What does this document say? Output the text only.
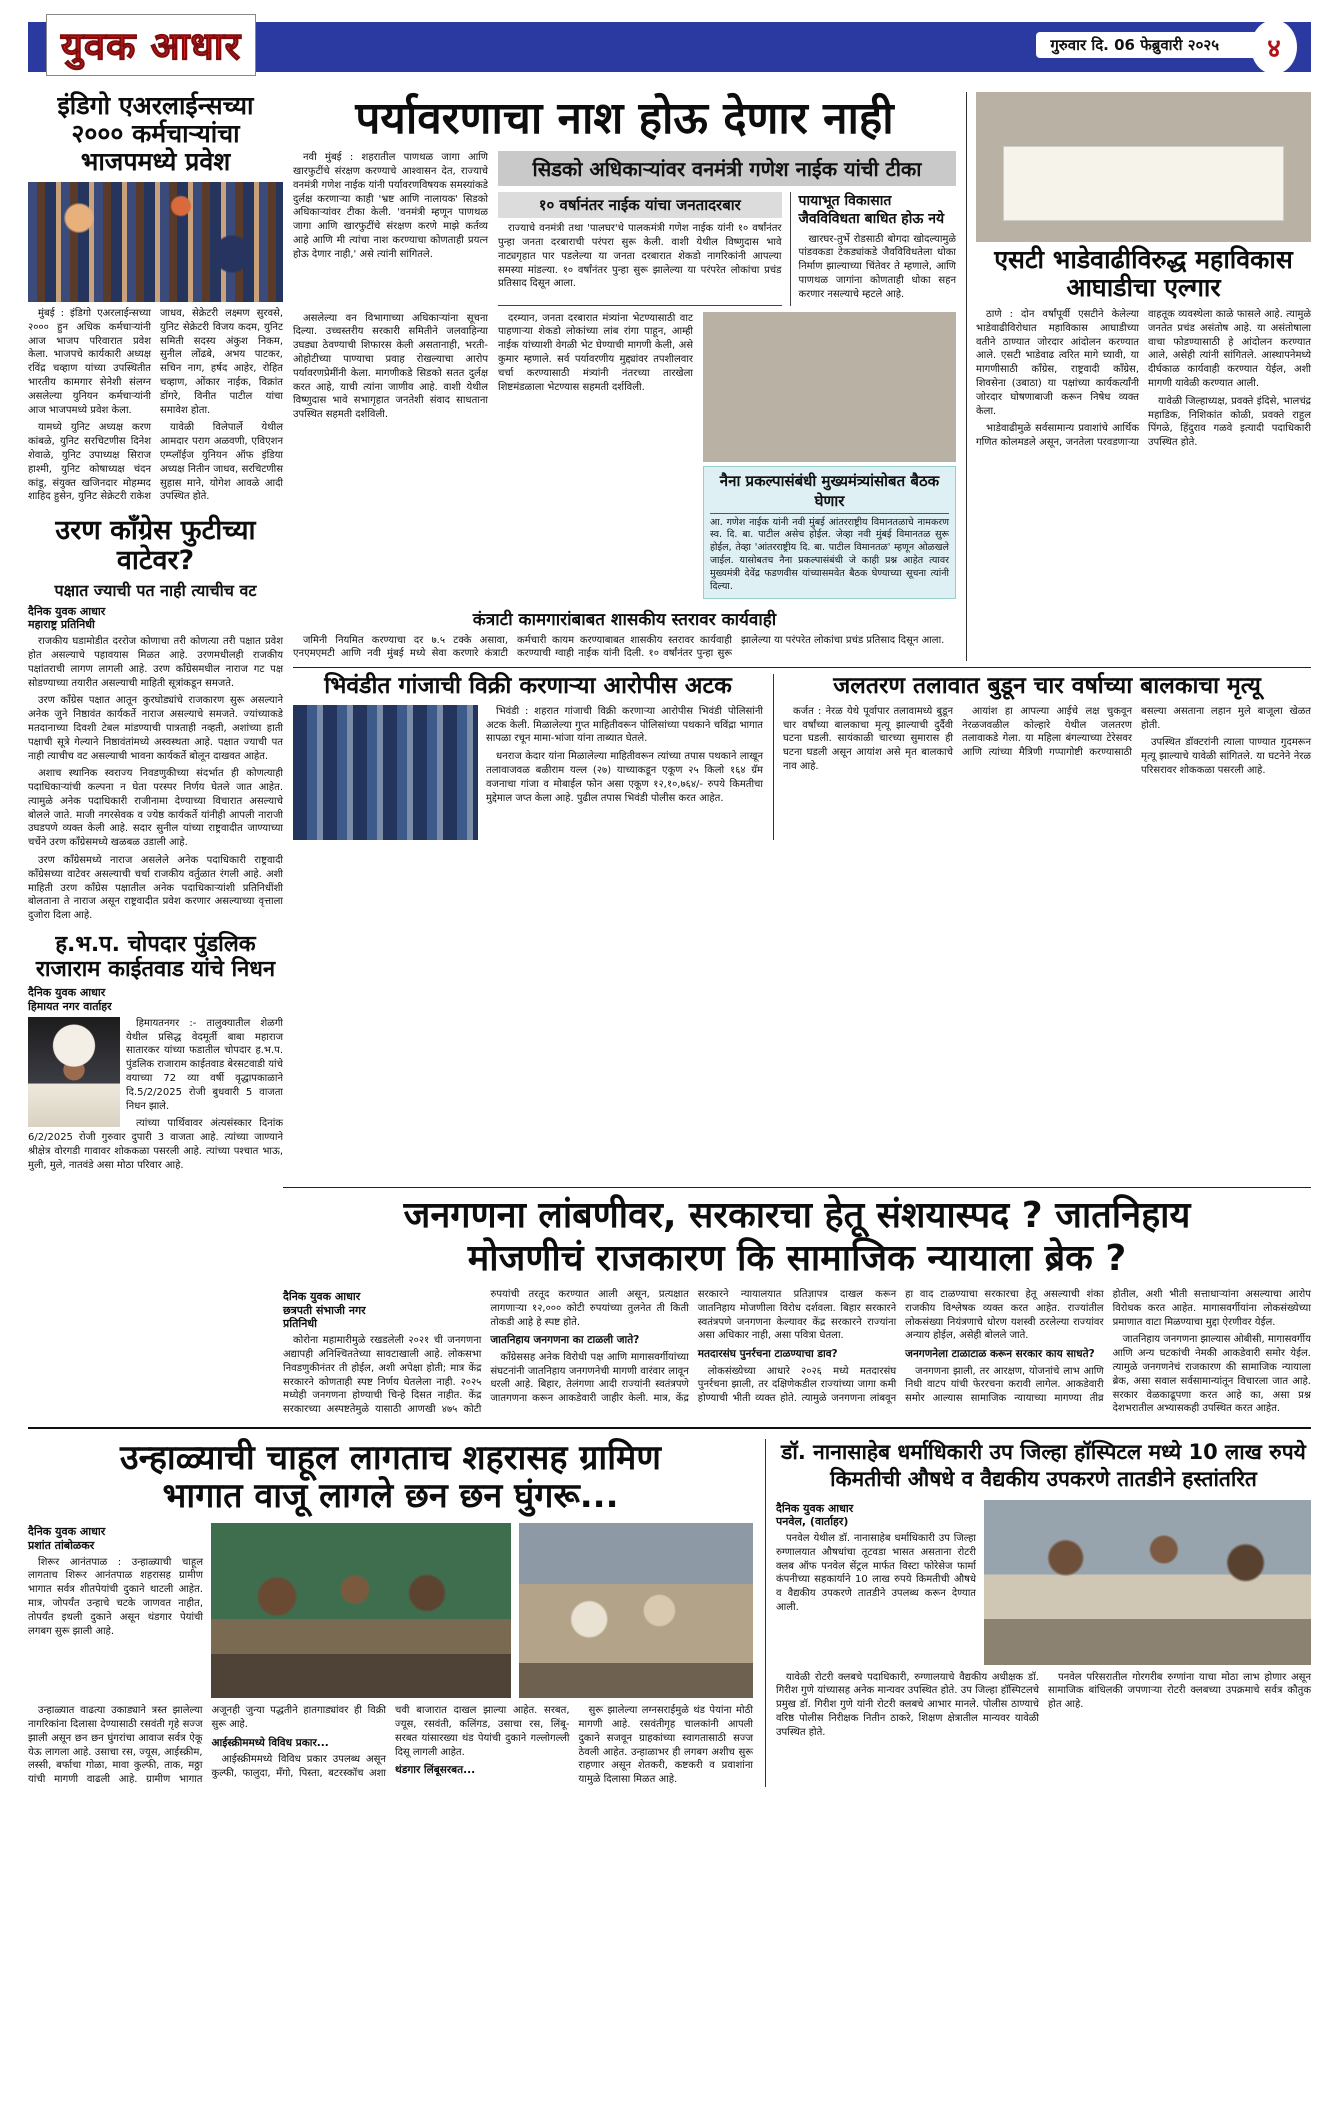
युवक आधार	गुरुवार दि. 06 फेब्रुवारी २०२५	४
इंडिगो एअरलाईन्सच्या २००० कर्मचाऱ्यांचा भाजपमध्ये प्रवेश

मुंबई : इंडिगो एअरलाईन्सच्या २००० हुन अधिक कर्मचाऱ्यांनी आज भाजप परिवारात प्रवेश केला. भाजपचे कार्यकारी अध्यक्ष रविंद्र चव्हाण यांच्या उपस्थितीत भारतीय कामगार सेनेशी संलग्न असलेल्या युनियन कर्मचाऱ्यांनी आज भाजपमध्ये प्रवेश केला.

यामध्ये युनिट अध्यक्ष करण कांबळे, युनिट सरचिटणीस दिनेश शेवाळे, युनिट उपाध्यक्ष सिराज हाश्मी, युनिट कोषाध्यक्ष चंदन कांडू, संयुक्त खजिनदार मोहम्मद शाहिद हुसेन, युनिट सेक्रेटरी राकेश जाधव, सेक्रेटरी लक्ष्मण सुरवसे, युनिट सेक्रेटरी विजय कदम, युनिट समिती सदस्य अंकुश निकम, सुनील लोंढबे, अभय पाटकर, सचिन नाग, हर्षद आहेर, रोहित चव्हाण, ओंकार नाईक, विक्रांत डोंगरे, विनीत पाटील यांचा समावेश होता.

यावेळी विलेपार्ले येथील आमदार पराग अळवणी, एविएशन एम्प्लॉईज युनियन ऑफ इंडिया अध्यक्ष नितीन जाधव, सरचिटणीस सुहास माने, योगेश आवळे आदी उपस्थित होते.

उरण काँग्रेस फुटीच्या वाटेवर?
पक्षात ज्याची पत नाही त्याचीच वट
दैनिक युवक आधार
महाराष्ट्र प्रतिनिधी

राजकीय घडामोडीत दररोज कोणाचा तरी कोणत्या तरी पक्षात प्रवेश होत असल्याचे पहावयास मिळत आहे. उरणमधीलही राजकीय पक्षांतराची लागण लागली आहे. उरण काँग्रेसमधील नाराज गट पक्ष सोडण्याच्या तयारीत असल्याची माहिती सूत्रांकडून समजते.

उरण काँग्रेस पक्षात आतून कुरघोड्यांचे राजकारण सुरू असल्याने अनेक जुने निष्ठावंत कार्यकर्ते नाराज असल्याचे समजते. ज्यांच्याकडे मतदानाच्या दिवशी टेबल मांडण्याची पात्रताही नव्हती, अशांच्या हाती पक्षाची सूत्रे गेल्याने निष्ठावंतांमध्ये अस्वस्थता आहे. पक्षात ज्याची पत नाही त्याचीच वट असल्याची भावना कार्यकर्ते बोलून दाखवत आहेत.

अशाच स्थानिक स्वराज्य निवडणुकीच्या संदर्भात ही कोणत्याही पदाधिकाऱ्यांची कल्पना न घेता परस्पर निर्णय घेतले जात आहेत. त्यामुळे अनेक पदाधिकारी राजीनामा देण्याच्या विचारात असल्याचे बोलले जाते. माजी नगरसेवक व ज्येष्ठ कार्यकर्ते यांनीही आपली नाराजी उघडपणे व्यक्त केली आहे. सदार सुनील यांच्या राष्ट्रवादीत जाण्याच्या चर्चेने उरण काँग्रेसमध्ये खळबळ उडाली आहे.

उरण काँग्रेसमध्ये नाराज असलेले अनेक पदाधिकारी राष्ट्रवादी काँग्रेसच्या वाटेवर असल्याची चर्चा राजकीय वर्तुळात रंगली आहे. अशी माहिती उरण काँग्रेस पक्षातील अनेक पदाधिकाऱ्यांशी प्रतिनिधींशी बोलताना ते नाराज असून राष्ट्रवादीत प्रवेश करणार असल्याच्या वृत्ताला दुजोरा दिला आहे.

ह.भ.प. चोपदार पुंडलिक राजाराम काईतवाड यांचे निधन
दैनिक युवक आधार
हिमायत नगर वार्ताहर

हिमायतनगर :- तालुक्यातील शेळगी येथील प्रसिद्ध वेदमूर्ती बाबा महाराज सातारकर यांच्या फडातील चोपदार ह.भ.प. पुंडलिक राजाराम काईतवाड बेरसटवाडी यांचे वयाच्या 72 व्या वर्षी वृद्धापकाळाने दि.5/2/2025 रोजी बुधवारी 5 वाजता निधन झाले.

त्यांच्या पार्थिवावर अंत्यसंस्कार दिनांक 6/2/2025 रोजी गुरुवार दुपारी 3 वाजता आहे. त्यांच्या जाण्याने श्रीक्षेत्र वोरगडी गावावर शोककळा पसरली आहे. त्यांच्या पश्चात भाऊ, मुली, मुले, नातवंडे असा मोठा परिवार आहे.

पर्यावरणाचा नाश होऊ देणार नाही

नवी मुंबई : शहरातील पाणथळ जागा आणि खारफुटींचे संरक्षण करण्याचे आश्वासन देत, राज्याचे वनमंत्री गणेश नाईक यांनी पर्यावरणविषयक समस्यांकडे दुर्लक्ष करणाऱ्या काही 'भ्रष्ट आणि नालायक' सिडको अधिकाऱ्यांवर टीका केली. 'वनमंत्री म्हणून पाणथळ जागा आणि खारफुटींचे संरक्षण करणे माझे कर्तव्य आहे आणि मी त्यांचा नाश करण्याचा कोणताही प्रयत्न होऊ देणार नाही,' असे त्यांनी सांगितले.

सिडको अधिकाऱ्यांवर वनमंत्री गणेश नाईक यांची टीका
१० वर्षानंतर नाईक यांचा जनतादरबार

राज्याचे वनमंत्री तथा 'पालघर'चे पालकमंत्री गणेश नाईक यांनी १० वर्षांनंतर पुन्हा जनता दरबाराची परंपरा सुरू केली. वाशी येथील विष्णुदास भावे नाट्यगृहात पार पडलेल्या या जनता दरबारात शेकडो नागरिकांनी आपल्या समस्या मांडल्या. १० वर्षांनंतर पुन्हा सुरू झालेल्या या परंपरेत लोकांचा प्रचंड प्रतिसाद दिसून आला.

पायाभूत विकासात जैवविविधता बाधित होऊ नये

खारघर-तुर्भे रोडसाठी बोगदा खोदल्यामुळे पांडवकडा टेकड्यांकडे जैवविविधतेला धोका निर्माण झाल्याच्या चिंतेवर ते म्हणाले, आणि पाणथळ जागांना कोणताही धोका सहन करणार नसल्याचे म्हटले आहे.

असलेल्या वन विभागाच्या अधिकाऱ्यांना सूचना दिल्या. उच्चस्तरीय सरकारी समितीने जलवाहिन्या उघड्या ठेवण्याची शिफारस केली असतानाही, भरती-ओहोटीच्या पाण्याचा प्रवाह रोखल्याचा आरोप पर्यावरणप्रेमींनी केला. मागणीकडे सिडको सतत दुर्लक्ष करत आहे, याची त्यांना जाणीव आहे. वाशी येथील विष्णुदास भावे सभागृहात जनतेशी संवाद साधताना उपस्थित सहमती दर्शविली.

दरम्यान, जनता दरबारात मंत्र्यांना भेटण्यासाठी वाट पाहणाऱ्या शेकडो लोकांच्या लांब रांगा पाहून, आम्ही नाईक यांच्याशी वेगळी भेट घेण्याची मागणी केली, असे कुमार म्हणाले. सर्व पर्यावरणीय मुद्द्यांवर तपशीलवार चर्चा करण्यासाठी मंत्र्यांनी नंतरच्या तारखेला शिष्टमंडळाला भेटण्यास सहमती दर्शविली.

नैना प्रकल्पासंबंधी मुख्यमंत्र्यांसोबत बैठक घेणार
आ. गणेश नाईक यांनी नवी मुंबई आंतरराष्ट्रीय विमानतळाचे नामकरण स्व. दि. बा. पाटील असेच होईल. जेव्हा नवी मुंबई विमानतळ सुरू होईल, तेव्हा 'आंतरराष्ट्रीय दि. बा. पाटील विमानतळ' म्हणून ओळखले जाईल. यासोबतच नैना प्रकल्पासंबंधी जे काही प्रश्न आहेत त्यावर मुख्यमंत्री देवेंद्र फडणवीस यांच्यासमवेत बैठक घेण्याच्या सूचना त्यांनी दिल्या.
कंत्राटी कामगारांबाबत शासकीय स्तरावर कार्यवाही

जमिनी नियमित करण्याचा दर ७.५ टक्के असावा, एनएमएमटी आणि नवी मुंबई मध्ये सेवा करणारे कंत्राटी कर्मचारी कायम करण्याबाबत शासकीय स्तरावर कार्यवाही करण्याची ग्वाही नाईक यांनी दिली. १० वर्षांनंतर पुन्हा सुरू झालेल्या या परंपरेत लोकांचा प्रचंड प्रतिसाद दिसून आला.

एसटी भाडेवाढीविरुद्ध महाविकास आघाडीचा एल्गार

ठाणे : दोन वर्षांपूर्वी एसटीने केलेल्या भाडेवाढीविरोधात महाविकास आघाडीच्या वतीने ठाण्यात जोरदार आंदोलन करण्यात आले. एसटी भाडेवाढ त्वरित मागे घ्यावी, या मागणीसाठी काँग्रेस, राष्ट्रवादी काँग्रेस, शिवसेना (उबाठा) या पक्षांच्या कार्यकर्त्यांनी जोरदार घोषणाबाजी करून निषेध व्यक्त केला.

भाडेवाढीमुळे सर्वसामान्य प्रवाशांचे आर्थिक गणित कोलमडले असून, जनतेला परवडणाऱ्या वाहतूक व्यवस्थेला काळे फासले आहे. त्यामुळे जनतेत प्रचंड असंतोष आहे. या असंतोषाला वाचा फोडण्यासाठी हे आंदोलन करण्यात आले, असेही त्यांनी सांगितले. आस्थापनेमध्ये दीर्घकाळ कार्यवाही करण्यात येईल, अशी मागणी यावेळी करण्यात आली.

यावेळी जिल्हाध्यक्ष, प्रवक्ते इंदिसे, भालचंद्र महाडिक, निशिकांत कोळी, प्रवक्ते राहुल पिंगळे, हिंदुराव गळवे इत्यादी पदाधिकारी उपस्थित होते.

भिवंडीत गांजाची विक्री करणाऱ्या आरोपीस अटक

भिवंडी : शहरात गांजाची विक्री करणाऱ्या आरोपीस भिवंडी पोलिसांनी अटक केली. मिळालेल्या गुप्त माहितीवरून पोलिसांच्या पथकाने चविंद्रा भागात सापळा रचून मामा-भांजा यांना ताब्यात घेतले.

धनराज केदार यांना मिळालेल्या माहितीवरून त्यांच्या तपास पथकाने लाखून तलावाजवळ बळीराम यल्ल (२७) याच्याकडून एकूण २५ किलो १६४ ग्रॅम वजनाचा गांजा व मोबाईल फोन असा एकूण १२,१०,७६४/- रुपये किमतीचा मुद्देमाल जप्त केला आहे. पुढील तपास भिवंडी पोलीस करत आहेत.

जलतरण तलावात बुडून चार वर्षाच्या बालकाचा मृत्यू

कर्जत : नेरळ येथे पूर्वापार तलावामध्ये बुडून चार वर्षांच्या बालकाचा मृत्यू झाल्याची दुर्दैवी घटना घडली. सायंकाळी चारच्या सुमारास ही घटना घडली असून आयांश असे मृत बालकाचे नाव आहे.

आयांश हा आपल्या आईचे लक्ष चुकवून नेरळजवळील कोल्हारे येथील जलतरण तलावाकडे गेला. या महिला बंगल्याच्या टेरेसवर आणि त्यांच्या मैत्रिणी गप्पागोष्टी करण्यासाठी बसल्या असताना लहान मुले बाजूला खेळत होती.

उपस्थित डॉक्टरांनी त्याला पाण्यात गुदमरून मृत्यू झाल्याचे यावेळी सांगितले. या घटनेने नेरळ परिसरावर शोककळा पसरली आहे.

जनगणना लांबणीवर, सरकारचा हेतू संशयास्पद ? जातनिहाय
मोजणीचं राजकारण कि सामाजिक न्यायाला ब्रेक ?
दैनिक युवक आधार
छत्रपती संभाजी नगर
प्रतिनिधी

कोरोना महामारीमुळे रखडलेली २०२१ ची जनगणना अद्यापही अनिश्चिततेच्या सावटाखाली आहे. लोकसभा निवडणुकीनंतर ती होईल, अशी अपेक्षा होती; मात्र केंद्र सरकारने कोणताही स्पष्ट निर्णय घेतलेला नाही. २०२५ मध्येही जनगणना होण्याची चिन्हे दिसत नाहीत. केंद्र सरकारच्या अस्पष्टतेमुळे यासाठी आणखी ४७५ कोटी रुपयांची तरतूद करण्यात आली असून, प्रत्यक्षात लागणाऱ्या १२,००० कोटी रुपयांच्या तुलनेत ती किती तोकडी आहे हे स्पष्ट होते.

जातनिहाय जनगणना का टाळली जाते?

काँग्रेससह अनेक विरोधी पक्ष आणि मागासवर्गीयांच्या संघटनांनी जातनिहाय जनगणनेची मागणी वारंवार लावून धरली आहे. बिहार, तेलंगणा आदी राज्यांनी स्वतंत्रपणे जातगणना करून आकडेवारी जाहीर केली. मात्र, केंद्र सरकारने न्यायालयात प्रतिज्ञापत्र दाखल करून जातनिहाय मोजणीला विरोध दर्शवला. बिहार सरकारने स्वतंत्रपणे जनगणना केल्यावर केंद्र सरकारने राज्यांना असा अधिकार नाही, असा पवित्रा घेतला.

मतदारसंघ पुनर्रचना टाळण्याचा डाव?

लोकसंख्येच्या आधारे २०२६ मध्ये मतदारसंघ पुनर्रचना झाली, तर दक्षिणेकडील राज्यांच्या जागा कमी होण्याची भीती व्यक्त होते. त्यामुळे जनगणना लांबवून हा वाद टाळण्याचा सरकारचा हेतू असल्याची शंका राजकीय विश्लेषक व्यक्त करत आहेत. राज्यांतील लोकसंख्या नियंत्रणाचे धोरण यशस्वी ठरलेल्या राज्यांवर अन्याय होईल, असेही बोलले जाते.

जनगणनेला टाळाटाळ करून सरकार काय साधते?

जनगणना झाली, तर आरक्षण, योजनांचे लाभ आणि निधी वाटप यांची फेररचना करावी लागेल. आकडेवारी समोर आल्यास सामाजिक न्यायाच्या मागण्या तीव्र होतील, अशी भीती सत्ताधाऱ्यांना असल्याचा आरोप विरोधक करत आहेत. मागासवर्गीयांना लोकसंख्येच्या प्रमाणात वाटा मिळण्याचा मुद्दा ऐरणीवर येईल.

जातनिहाय जनगणना झाल्यास ओबीसी, मागासवर्गीय आणि अन्य घटकांची नेमकी आकडेवारी समोर येईल. त्यामुळे जनगणनेचं राजकारण की सामाजिक न्यायाला ब्रेक, असा सवाल सर्वसामान्यांतून विचारला जात आहे. सरकार वेळकाढूपणा करत आहे का, असा प्रश्न देशभरातील अभ्यासकही उपस्थित करत आहेत.

उन्हाळ्याची चाहूल लागताच शहरासह ग्रामिण
भागात वाजू लागले छन छन घुंगरू...
दैनिक युवक आधार
प्रशांत तांबोळकर

शिरूर आनंतपाळ : उन्हाळ्याची चाहूल लागताच शिरूर आनंतपाळ शहरासह ग्रामीण भागात सर्वत्र शीतपेयांची दुकाने थाटली आहेत. मात्र, जोपर्यंत उन्हाचे चटके जाणवत नाहीत, तोपर्यंत इथली दुकाने असून थंडगार पेयांची लगबग सुरू झाली आहे.

उन्हाळ्यात वाढत्या उकाड्याने त्रस्त झालेल्या नागरिकांना दिलासा देण्यासाठी रसवंती गृहे सज्ज झाली असून छन छन घुंगरांचा आवाज सर्वत्र ऐकू येऊ लागला आहे. उसाचा रस, ज्यूस, आईस्क्रीम, लस्सी, बर्फाचा गोळा, मावा कुल्फी, ताक, मठ्ठा यांची मागणी वाढली आहे. ग्रामीण भागात अजूनही जुन्या पद्धतीने हातगाड्यांवर ही विक्री सुरू आहे.

आईस्क्रीममध्ये विविध प्रकार...

आईस्क्रीममध्ये विविध प्रकार उपलब्ध असून कुल्फी, फालुदा, मँगो, पिस्ता, बटरस्कॉच अशा चवी बाजारात दाखल झाल्या आहेत. सरबत, ज्यूस, रसवंती, कलिंगड, उसाचा रस, लिंबू-सरबत यांसारख्या थंड पेयांची दुकाने गल्लोगल्ली दिसू लागली आहेत.

थंडगार लिंबूसरबत...

सुरू झालेल्या लग्नसराईमुळे थंड पेयांना मोठी मागणी आहे. रसवंतीगृह चालकांनी आपली दुकाने सजवून ग्राहकांच्या स्वागतासाठी सज्ज ठेवली आहेत. उन्हाळाभर ही लगबग अशीच सुरू राहणार असून शेतकरी, कष्टकरी व प्रवाशांना यामुळे दिलासा मिळत आहे.

डॉ. नानासाहेब धर्माधिकारी उप जिल्हा हॉस्पिटल मध्ये 10 लाख रुपये
किमतीची औषधे व वैद्यकीय उपकरणे तातडीने हस्तांतरित
दैनिक युवक आधार
पनवेल, (वार्ताहर)

पनवेल येथील डॉ. नानासाहेब धर्माधिकारी उप जिल्हा रुग्णालयात औषधांचा तूटवडा भासत असताना रोटरी क्लब ऑफ पनवेल सेंट्रल मार्फत विस्टा फोरेसेज फार्मा कंपनीच्या सहकार्याने 10 लाख रुपये किमतीची औषधे व वैद्यकीय उपकरणे तातडीने उपलब्ध करून देण्यात आली.

यावेळी रोटरी क्लबचे पदाधिकारी, रुग्णालयाचे वैद्यकीय अधीक्षक डॉ. गिरीश गुणे यांच्यासह अनेक मान्यवर उपस्थित होते. उप जिल्हा हॉस्पिटलचे प्रमुख डॉ. गिरीश गुणे यांनी रोटरी क्लबचे आभार मानले. पोलीस ठाण्याचे वरिष्ठ पोलीस निरीक्षक नितीन ठाकरे, शिक्षण क्षेत्रातील मान्यवर यावेळी उपस्थित होते.

पनवेल परिसरातील गोरगरीब रुग्णांना याचा मोठा लाभ होणार असून सामाजिक बांधिलकी जपणाऱ्या रोटरी क्लबच्या उपक्रमाचे सर्वत्र कौतुक होत आहे.
